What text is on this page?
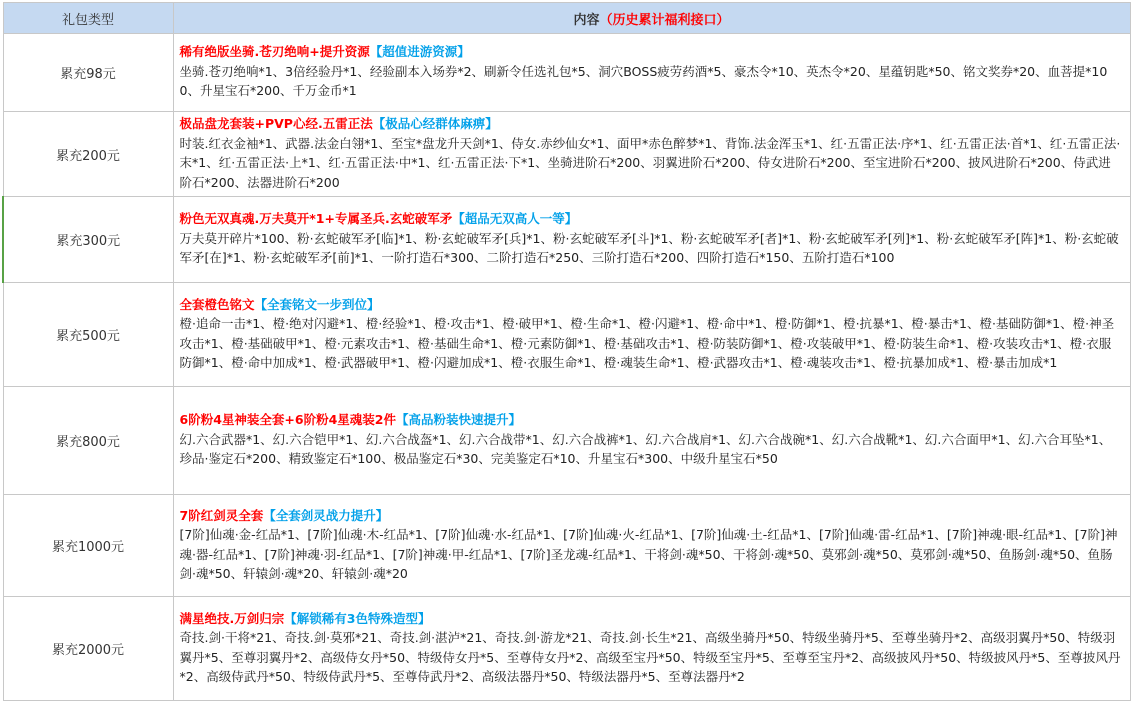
礼包类型	内容（历史累计福利接口）
累充98元	稀有绝版坐骑.苍刃绝响+提升资源【超值进游资源】
坐骑.苍刃绝响*1、3倍经验丹*1、经验副本入场券*2、刷新令任选礼包*5、洞穴BOSS疲劳药酒*5、豪杰令*10、英杰令*20、星蕴钥匙*50、铭文奖券*20、血菩提*100、升星宝石*200、千万金币*1
累充200元	极品盘龙套装+PVP心经.五雷正法【极品心经群体麻痹】
时装.红衣金袖*1、武器.法金白翎*1、至宝*盘龙升天剑*1、侍女.赤纱仙女*1、面甲*赤色醉梦*1、背饰.法金浑玉*1、红·五雷正法·序*1、红·五雷正法·首*1、红·五雷正法·末*1、红·五雷正法·上*1、红·五雷正法·中*1、红·五雷正法·下*1、坐骑进阶石*200、羽翼进阶石*200、侍女进阶石*200、至宝进阶石*200、披风进阶石*200、侍武进阶石*200、法器进阶石*200
累充300元	粉色无双真魂.万夫莫开*1+专属圣兵.玄蛇破军矛【超品无双高人一等】
万夫莫开碎片*100、粉·玄蛇破军矛[临]*1、粉·玄蛇破军矛[兵]*1、粉·玄蛇破军矛[斗]*1、粉·玄蛇破军矛[者]*1、粉·玄蛇破军矛[列]*1、粉·玄蛇破军矛[阵]*1、粉·玄蛇破军矛[在]*1、粉·玄蛇破军矛[前]*1、一阶打造石*300、二阶打造石*250、三阶打造石*200、四阶打造石*150、五阶打造石*100
累充500元	全套橙色铭文【全套铭文一步到位】
橙·追命一击*1、橙·绝对闪避*1、橙·经验*1、橙·攻击*1、橙·破甲*1、橙·生命*1、橙·闪避*1、橙·命中*1、橙·防御*1、橙·抗暴*1、橙·暴击*1、橙·基础防御*1、橙·神圣攻击*1、橙·基础破甲*1、橙·元素攻击*1、橙·基础生命*1、橙·元素防御*1、橙·基础攻击*1、橙·防装防御*1、橙·攻装破甲*1、橙·防装生命*1、橙·攻装攻击*1、橙·衣服防御*1、橙·命中加成*1、橙·武器破甲*1、橙·闪避加成*1、橙·衣服生命*1、橙·魂装生命*1、橙·武器攻击*1、橙·魂装攻击*1、橙·抗暴加成*1、橙·暴击加成*1
累充800元	6阶粉4星神装全套+6阶粉4星魂装2件【高品粉装快速提升】
幻.六合武器*1、幻.六合铠甲*1、幻.六合战盔*1、幻.六合战带*1、幻.六合战裤*1、幻.六合战肩*1、幻.六合战碗*1、幻.六合战靴*1、幻.六合面甲*1、幻.六合耳坠*1、珍品·鉴定石*200、精致鉴定石*100、极品鉴定石*30、完美鉴定石*10、升星宝石*300、中级升星宝石*50
累充1000元	7阶红剑灵全套【全套剑灵战力提升】
[7阶]仙魂·金-红品*1、[7阶]仙魂·木-红品*1、[7阶]仙魂·水-红品*1、[7阶]仙魂·火-红品*1、[7阶]仙魂·土-红品*1、[7阶]仙魂·雷-红品*1、[7阶]神魂·眼-红品*1、[7阶]神魂·器-红品*1、[7阶]神魂·羽-红品*1、[7阶]神魂·甲-红品*1、[7阶]圣龙魂-红品*1、干将剑·魂*50、干将剑·魂*50、莫邪剑·魂*50、莫邪剑·魂*50、鱼肠剑·魂*50、鱼肠剑·魂*50、轩辕剑·魂*20、轩辕剑·魂*20
累充2000元	满星绝技.万剑归宗【解锁稀有3色特殊造型】
奇技.剑·干将*21、奇技.剑·莫邪*21、奇技.剑·湛泸*21、奇技.剑·游龙*21、奇技.剑·长生*21、高级坐骑丹*50、特级坐骑丹*5、至尊坐骑丹*2、高级羽翼丹*50、特级羽翼丹*5、至尊羽翼丹*2、高级侍女丹*50、特级侍女丹*5、至尊侍女丹*2、高级至宝丹*50、特级至宝丹*5、至尊至宝丹*2、高级披风丹*50、特级披风丹*5、至尊披风丹*2、高级侍武丹*50、特级侍武丹*5、至尊侍武丹*2、高级法器丹*50、特级法器丹*5、至尊法器丹*2
